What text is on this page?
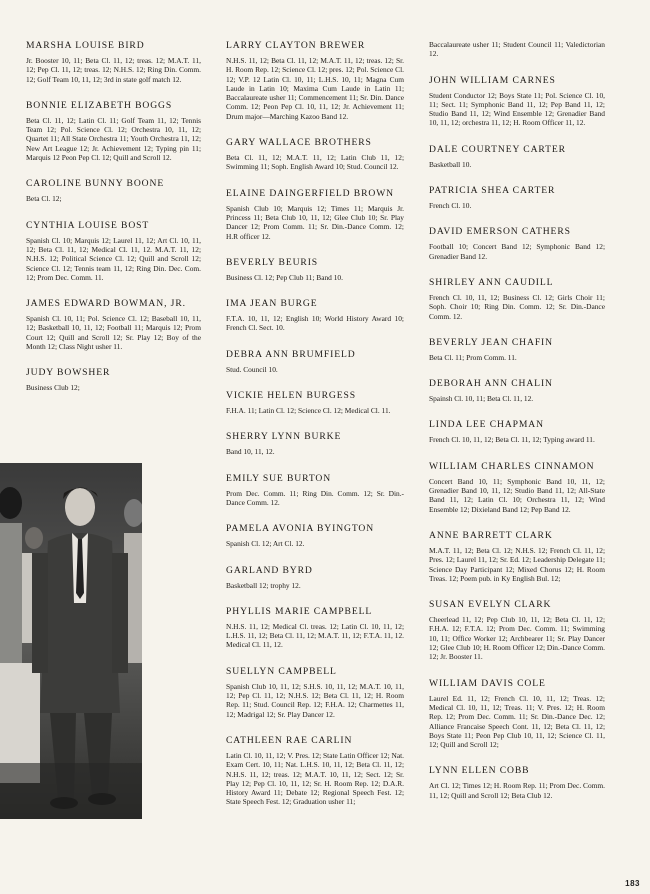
MARSHA LOUISE BIRD

Jr. Booster 10, 11; Beta Cl. 11, 12; treas. 12; M.A.T. 11, 12; Pep Cl. 11, 12; treas. 12; N.H.S. 12; Ring Din. Comm. 12; Golf Team 10, 11, 12; 3rd in state golf match 12.

BONNIE ELIZABETH BOGGS

Beta Cl. 11, 12; Latin Cl. 11; Golf Team 11, 12; Tennis Team 12; Pol. Science Cl. 12; Orchestra 10, 11, 12; Quartet 11; All State Orchestra 11; Youth Orchestra 11, 12; New Art League 12; Jr. Achievement 12; Typing pin 11; Marquis 12 Peon Pep Cl. 12; Quill and Scroll 12.

CAROLINE BUNNY BOONE

Beta Cl. 12;

CYNTHIA LOUISE BOST

Spanish Cl. 10; Marquis 12; Laurel 11, 12; Art Cl. 10, 11, 12; Beta Cl. 11, 12; Medical Cl. 11, 12. M.A.T. 11, 12; N.H.S. 12; Political Science Cl. 12; Quill and Scroll 12; Science Cl. 12; Tennis team 11, 12; Ring Din. Dec. Com. 12; Prom Dec. Comm. 11.

JAMES EDWARD BOWMAN, JR.

Spanish Cl. 10, 11; Pol. Science Cl. 12; Baseball 10, 11, 12; Basketball 10, 11, 12; Football 11; Marquis 12; Prom Court 12; Quill and Scroll 12; Sr. Play 12; Boy of the Month 12; Class Night usher 11.

JUDY BOWSHER

Business Club 12;

LARRY CLAYTON BREWER

N.H.S. 11, 12; Beta Cl. 11, 12; M.A.T. 11, 12; treas. 12; Sr. H. Room Rep. 12; Science Cl. 12; pres. 12; Pol. Science Cl. 12; V.P. 12 Latin Cl. 10, 11; L.H.S. 10, 11; Magna Cum Laude in Latin 10; Maxima Cum Laude in Latin 11; Baccalaureate usher 11; Commencement 11; Sr. Din. Dance Comm. 12; Peon Pep Cl. 10, 11, 12; Jr. Achievement 11; Drum major—Marching Kazoo Band 12.

GARY WALLACE BROTHERS

Beta Cl. 11, 12; M.A.T. 11, 12; Latin Club 11, 12; Swimming 11; Soph. English Award 10; Stud. Council 12.

ELAINE DAINGERFIELD BROWN

Spanish Club 10; Marquis 12; Times 11; Marquis Jr. Princess 11; Beta Club 10, 11, 12; Glee Club 10; Sr. Play Dancer 12; Prom Comm. 11; Sr. Din.-Dance Comm. 12; H.R officer 12.

BEVERLY BEURIS

Business Cl. 12; Pep Club 11; Band 10.

IMA JEAN BURGE

F.T.A. 10, 11, 12; English 10; World History Award 10; French Cl. Sect. 10.

DEBRA ANN BRUMFIELD

Stud. Council 10.

VICKIE HELEN BURGESS

F.H.A. 11; Latin Cl. 12; Science Cl. 12; Medical Cl. 11.

SHERRY LYNN BURKE

Band 10, 11, 12.

EMILY SUE BURTON

Prom Dec. Comm. 11; Ring Din. Comm. 12; Sr. Din.-Dance Comm. 12.

PAMELA AVONIA BYINGTON

Spanish Cl. 12; Art Cl. 12.

GARLAND BYRD

Basketball 12; trophy 12.

PHYLLIS MARIE CAMPBELL

N.H.S. 11, 12; Medical Cl. treas. 12; Latin Cl. 10, 11, 12; L.H.S. 11, 12; Beta Cl. 11, 12; M.A.T. 11, 12; F.T.A. 11, 12. Medical Cl. 11, 12.

SUELLYN CAMPBELL

Spanish Club 10, 11, 12; S.H.S. 10, 11, 12; M.A.T. 10, 11, 12; Pep Cl. 11, 12; N.H.S. 12; Beta Cl. 11, 12; H. Room Rep. 11; Stud. Council Rep. 12; F.H.A. 12; Charmettes 11, 12; Madrigal 12; Sr. Play Dancer 12.

CATHLEEN RAE CARLIN

Latin Cl. 10, 11, 12; V. Pres. 12; State Latin Officer 12; Nat. Exam Cert. 10, 11; Nat. L.H.S. 10, 11, 12; Beta Cl. 11, 12; N.H.S. 11, 12; treas. 12; M.A.T. 10, 11, 12; Sect. 12; Sr. Play 12; Pep Cl. 10, 11, 12; Sr. H. Room Rep. 12; D.A.R. History Award 11; Debate 12; Regional Speech Fest. 12; State Speech Fest. 12; Graduation usher 11;

Baccalaureate usher 11; Student Council 11; Valedictorian 12.

JOHN WILLIAM CARNES

Student Conductor 12; Boys State 11; Pol. Science Cl. 10, 11; Sect. 11; Symphonic Band 11, 12; Pep Band 11, 12; Studio Band 11, 12; Wind Ensemble 12; Grenadier Band 10, 11, 12; orchestra 11, 12; H. Room Officer 11, 12.

DALE COURTNEY CARTER

Basketball 10.

PATRICIA SHEA CARTER

French Cl. 10.

DAVID EMERSON CATHERS

Football 10; Concert Band 12; Symphonic Band 12; Grenadier Band 12.

SHIRLEY ANN CAUDILL

French Cl. 10, 11, 12; Business Cl. 12; Girls Choir 11; Soph. Choir 10; Ring Din. Comm. 12; Sr. Din.-Dance Comm. 12.

BEVERLY JEAN CHAFIN

Beta Cl. 11; Prom Comm. 11.

DEBORAH ANN CHALIN

Spainsh Cl. 10, 11; Beta Cl. 11, 12.

LINDA LEE CHAPMAN

French Cl. 10, 11, 12; Beta Cl. 11, 12; Typing award 11.

WILLIAM CHARLES CINNAMON

Concert Band 10, 11; Symphonic Band 10, 11, 12; Grenadier Band 10, 11, 12; Studio Band 11, 12; All-State Band 11, 12; Latin Cl. 10; Orchestra 11, 12; Wind Ensemble 12; Dixieland Band 12; Pep Band 12.

ANNE BARRETT CLARK

M.A.T. 11, 12; Beta Cl. 12; N.H.S. 12; French Cl. 11, 12; Pres. 12; Laurel 11, 12; Sr. Ed. 12; Leadership Delegate 11; Science Day Participant 12; Mixed Chorus 12; H. Room Treas. 12; Poem pub. in Ky English Bul. 12;

SUSAN EVELYN CLARK

Cheerlead 11, 12; Pep Club 10, 11, 12; Beta Cl. 11, 12; F.H.A. 12; F.T.A. 12; Prom Dec. Comm. 11; Swimming 10, 11; Office Worker 12; Archbearer 11; Sr. Play Dancer 12; Glee Club 10; H. Room Officer 12; Din.-Dance Comm. 12; Jr. Booster 11.

WILLIAM DAVIS COLE

Laurel Ed. 11, 12; French Cl. 10, 11, 12; Treas. 12; Medical Cl. 10, 11, 12; Treas. 11; V. Pres. 12; H. Room Rep. 12; Prom Dec. Comm. 11; Sr. Din.-Dance Dec. 12; Alliance Francaise Speech Cont. 11, 12; Beta Cl. 11, 12; Boys State 11; Peon Pep Club 10, 11, 12; Science Cl. 11, 12; Quill and Scroll 12;

LYNN ELLEN COBB

Art Cl. 12; Times 12; H. Room Rep. 11; Prom Dec. Comm. 11, 12; Quill and Scroll 12; Beta Club 12.

183
